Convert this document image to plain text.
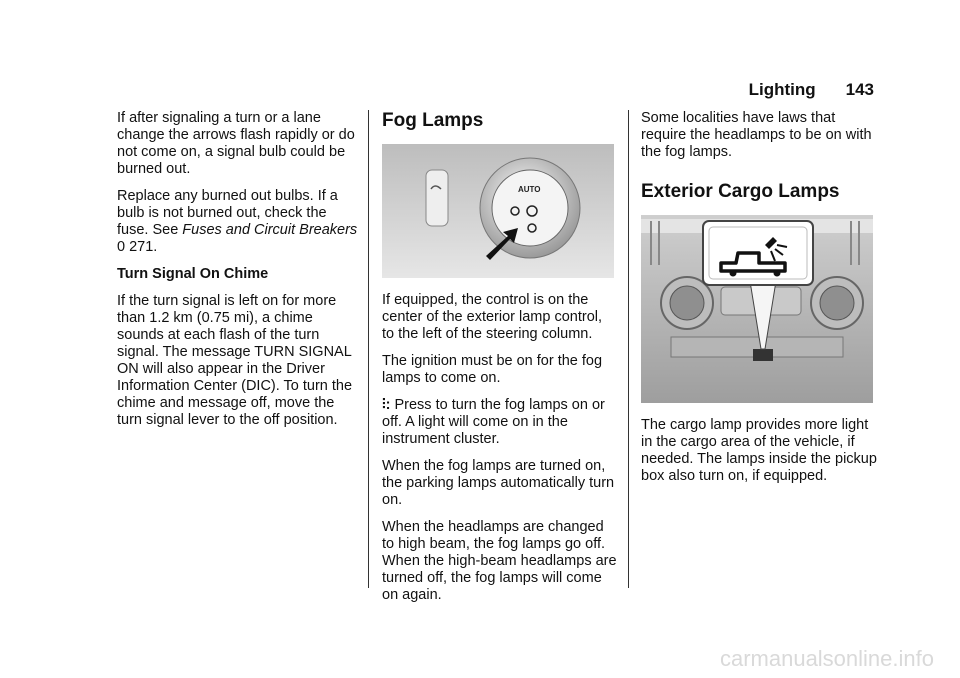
Lighting 143

If after signaling a turn or a lane change the arrows flash rapidly or do not come on, a signal bulb could be burned out.

Replace any burned out bulbs. If a bulb is not burned out, check the fuse. See Fuses and Circuit Breakers 0 271.

Turn Signal On Chime

If the turn signal is left on for more than 1.2 km (0.75 mi), a chime sounds at each flash of the turn signal. The message TURN SIGNAL ON will also appear in the Driver Information Center (DIC). To turn the chime and message off, move the turn signal lever to the off position.

Fog Lamps
AUTO

If equipped, the control is on the center of the exterior lamp control, to the left of the steering column.

The ignition must be on for the fog lamps to come on.

⫶: Press to turn the fog lamps on or off. A light will come on in the instrument cluster.

When the fog lamps are turned on, the parking lamps automatically turn on.

When the headlamps are changed to high beam, the fog lamps go off. When the high-beam headlamps are turned off, the fog lamps will come on again.

Some localities have laws that require the headlamps to be on with the fog lamps.

Exterior Cargo Lamps

The cargo lamp provides more light in the cargo area of the vehicle, if needed. The lamps inside the pickup box also turn on, if equipped.

carmanualsonline.info
